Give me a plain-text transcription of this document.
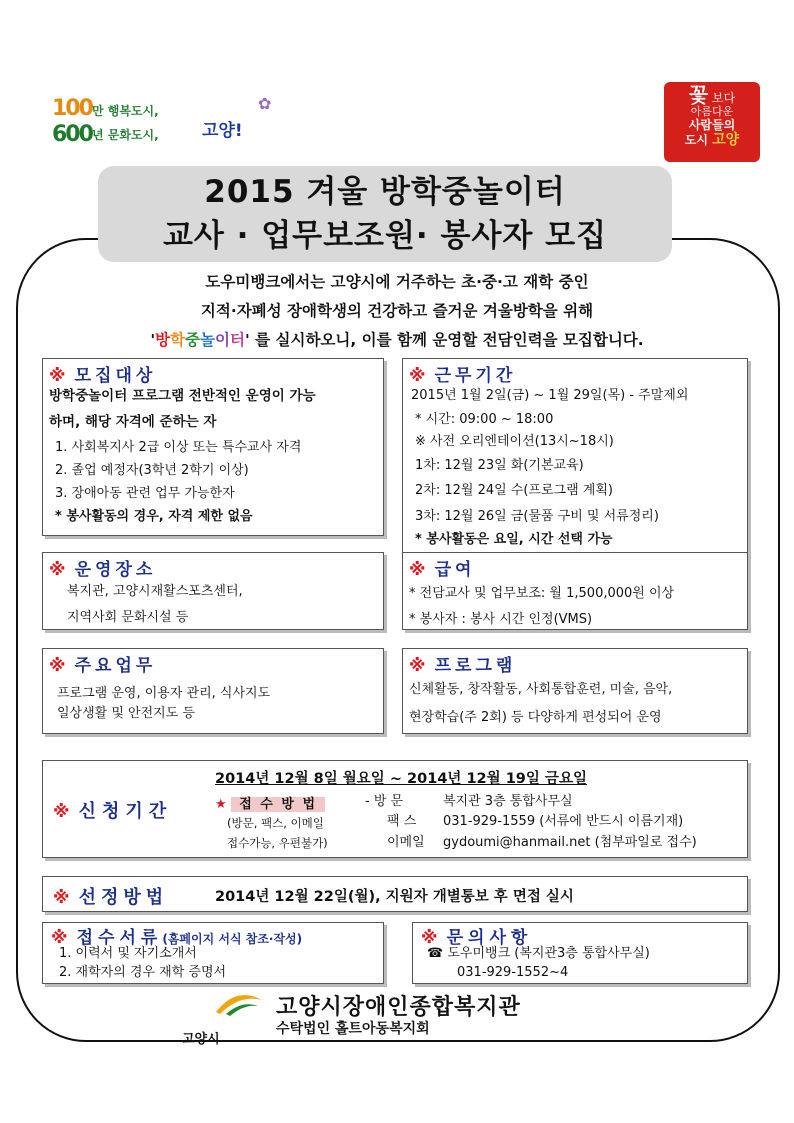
100
600
만 행복도시,
년 문화도시,	고양!
✿	꽃 보다
아름다운
사람들의
도시 고양
2015 겨울 방학중놀이터
교사 · 업무보조원· 봉사자 모집
도우미뱅크에서는 고양시에 거주하는 초·중·고 재학 중인
지적·자폐성 장애학생의 건강하고 즐거운 겨울방학을 위해
'방학중놀이터' 를 실시하오니, 이를 함께 운영할 전담인력을 모집합니다.
※ 모집대상
방학중놀이터 프로그램 전반적인 운영이 가능
하며, 해당 자격에 준하는 자
1. 사회복지사 2급 이상 또는 특수교사 자격
2. 졸업 예정자(3학년 2학기 이상)
3. 장애아동 관련 업무 가능한자
* 봉사활동의 경우, 자격 제한 없음
※ 근무기간
2015년 1월 2일(금) ~ 1월 29일(목) - 주말제외
* 시간: 09:00 ~ 18:00
※ 사전 오리엔테이션(13시~18시)
1차: 12월 23일 화(기본교육)
2차: 12월 24일 수(프로그램 계획)
3차: 12월 26일 금(물품 구비 및 서류정리)
* 봉사활동은 요일, 시간 선택 가능
※ 운영장소
복지관, 고양시재활스포츠센터,
지역사회 문화시설 등
※ 급여
* 전담교사 및 업무보조: 월 1,500,000원 이상
* 봉사자 : 봉사 시간 인정(VMS)
※ 주요업무
프로그램 운영, 이용자 관리, 식사지도
일상생활 및 안전지도 등
※ 프로그램
신체활동, 창작활동, 사회통합훈련, 미술, 음악,
현장학습(주 2회) 등 다양하게 편성되어 운영
※ 신청기간
2014년 12월 8일 월요일 ~ 2014년 12월 19일 금요일
★ 접 수 방 법
(방문, 팩스, 이메일
접수가능, 우편불가)
- 방 문	복지관 3층 통합사무실
팩 스 031-929-1559 (서류에 반드시 이름기재)
이메일 gydoumi@hanmail.net (첨부파일로 접수)
※ 선정방법	2014년 12월 22일(월), 지원자 개별통보 후 면접 실시
※ 접수서류(홈페이지 서식 참조·작성)
1. 이력서 및 자기소개서
2. 재학자의 경우 재학 증명서
※ 문의사항
☎ 도우미뱅크 (복지관3층 통합사무실)
031-929-1552~4
고양시
고양시장애인종합복지관
수탁법인 홀트아동복지회
